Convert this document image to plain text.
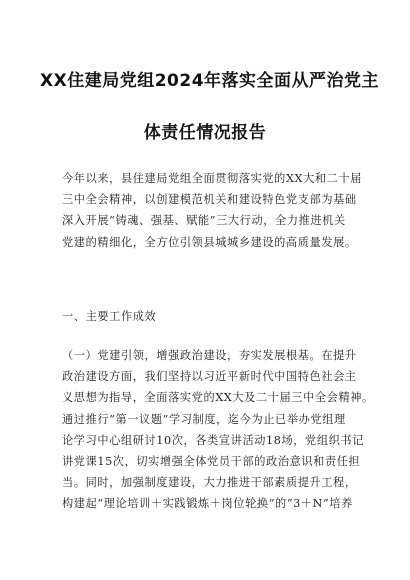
XX住建局党组2024年落实全面从严治党主
体责任情况报告
今年以来，县住建局党组全面贯彻落实党的XX大和二十届
三中全会精神，以创建模范机关和建设特色党支部为基础
深入开展“铸魂、强基、赋能”三大行动，全力推进机关
党建的精细化，全方位引领县城城乡建设的高质量发展。
一、主要工作成效
（一）党建引领，增强政治建设，夯实发展根基。在提升
政治建设方面，我们坚持以习近平新时代中国特色社会主
义思想为指导，全面落实党的XX大及二十届三中全会精神。
通过推行“第一议题”学习制度，迄今为止已举办党组理
论学习中心组研讨10次，各类宣讲活动18场，党组织书记
讲党课15次，切实增强全体党员干部的政治意识和责任担
当。同时，加强制度建设，大力推进干部素质提升工程，
构建起“理论培训＋实践锻炼＋岗位轮换”的“3＋N”培养
